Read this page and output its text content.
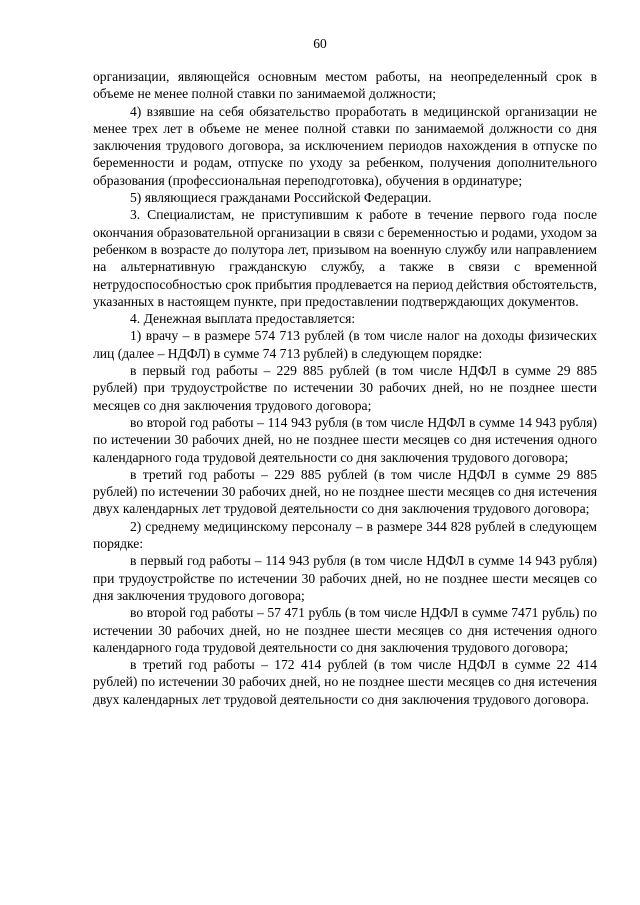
60

организации, являющейся основным местом работы, на неопределенный срок в объеме не менее полной ставки по занимаемой должности;

4) взявшие на себя обязательство проработать в медицинской организации не менее трех лет в объеме не менее полной ставки по занимаемой должности со дня заключения трудового договора, за исключением периодов нахождения в отпуске по беременности и родам, отпуске по уходу за ребенком, получения дополнительного образования (профессиональная переподготовка), обучения в ординатуре;

5) являющиеся гражданами Российской Федерации.

3. Специалистам, не приступившим к работе в течение первого года после окончания образовательной организации в связи с беременностью и родами, уходом за ребенком в возрасте до полутора лет, призывом на военную службу или направлением на альтернативную гражданскую службу, а также в связи с временной нетрудоспособностью срок прибытия продлевается на период действия обстоятельств, указанных в настоящем пункте, при предоставлении подтверждающих документов.

4. Денежная выплата предоставляется:

1) врачу – в размере 574 713 рублей (в том числе налог на доходы физических лиц (далее – НДФЛ) в сумме 74 713 рублей) в следующем порядке:

в первый год работы – 229 885 рублей (в том числе НДФЛ в сумме 29 885 рублей) при трудоустройстве по истечении 30 рабочих дней, но не позднее шести месяцев со дня заключения трудового договора;

во второй год работы – 114 943 рубля (в том числе НДФЛ в сумме 14 943 рубля) по истечении 30 рабочих дней, но не позднее шести месяцев со дня истечения одного календарного года трудовой деятельности со дня заключения трудового договора;

в третий год работы – 229 885 рублей (в том числе НДФЛ в сумме 29 885 рублей) по истечении 30 рабочих дней, но не позднее шести месяцев со дня истечения двух календарных лет трудовой деятельности со дня заключения трудового договора;

2) среднему медицинскому персоналу – в размере 344 828 рублей в следующем порядке:

в первый год работы – 114 943 рубля (в том числе НДФЛ в сумме 14 943 рубля) при трудоустройстве по истечении 30 рабочих дней, но не позднее шести месяцев со дня заключения трудового договора;

во второй год работы – 57 471 рубль (в том числе НДФЛ в сумме 7471 рубль) по истечении 30 рабочих дней, но не позднее шести месяцев со дня истечения одного календарного года трудовой деятельности со дня заключения трудового договора;

в третий год работы – 172 414 рублей (в том числе НДФЛ в сумме 22 414 рублей) по истечении 30 рабочих дней, но не позднее шести месяцев со дня истечения двух календарных лет трудовой деятельности со дня заключения трудового договора.
